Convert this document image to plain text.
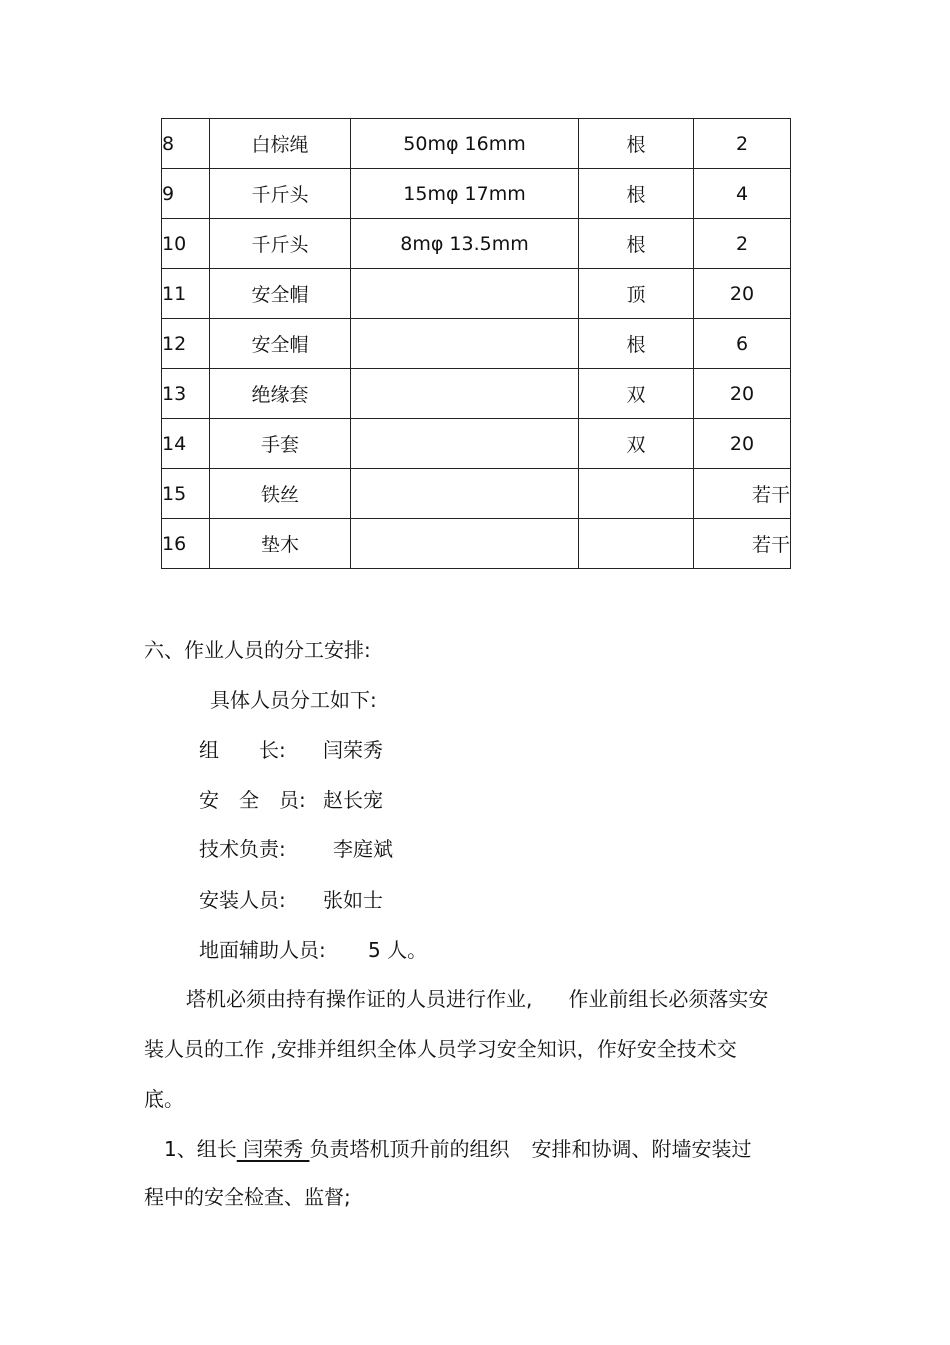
8	白棕绳	50mφ 16mm	根	2
9	千斤头	15mφ 17mm	根	4
10	千斤头	8mφ 13.5mm	根	2
11	安全帽		顶	20
12	安全帽		根	6
13	绝缘套		双	20
14	手套		双	20
15	铁丝			若干
16	垫木			若干
六、作业人员的分工安排:
具体人员分工如下:
组　　长: 闫荣秀
安　全　员: 赵长宠
技术负责: 李庭斌
安装人员: 张如士
地面辅助人员: 5 人。
塔机必须由持有操作证的人员进行作业, 作业前组长必须落实安
装人员的工作 ,安排并组织全体人员学习安全知识，作好安全技术交
底。
1、组长 闫荣秀 负责塔机顶升前的组织 安排和协调、附墙安装过
程中的安全检查、监督;
